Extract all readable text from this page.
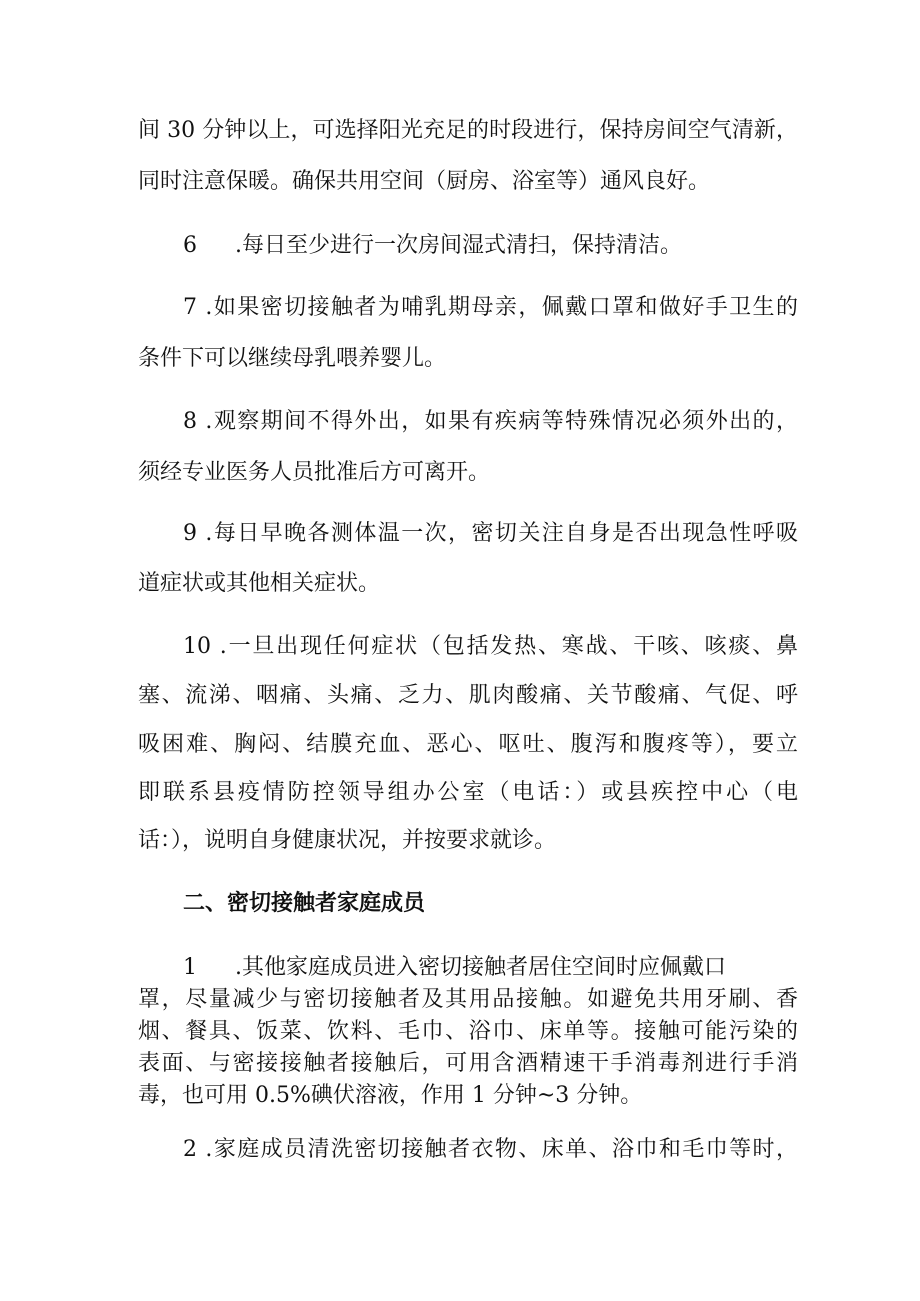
间 30 分钟以上，可选择阳光充足的时段进行，保持房间空气清新，
同时注意保暖。确保共用空间（厨房、浴室等）通风良好。
6 .每日至少进行一次房间湿式清扫，保持清洁。
7 .如果密切接触者为哺乳期母亲，佩戴口罩和做好手卫生的
条件下可以继续母乳喂养婴儿。
8 .观察期间不得外出，如果有疾病等特殊情况必须外出的，
须经专业医务人员批准后方可离开。
9 .每日早晚各测体温一次，密切关注自身是否出现急性呼吸
道症状或其他相关症状。
10 .一旦出现任何症状（包括发热、寒战、干咳、咳痰、鼻
塞、流涕、咽痛、头痛、乏力、肌肉酸痛、关节酸痛、气促、呼
吸困难、胸闷、结膜充血、恶心、呕吐、腹泻和腹疼等），要立
即联系县疫情防控领导组办公室（电话：）或县疾控中心（电
话：），说明自身健康状况，并按要求就诊。
二、密切接触者家庭成员
1 .其他家庭成员进入密切接触者居住空间时应佩戴口
罩，尽量减少与密切接触者及其用品接触。如避免共用牙刷、香
烟、餐具、饭菜、饮料、毛巾、浴巾、床单等。接触可能污染的
表面、与密接接触者接触后，可用含酒精速干手消毒剂进行手消
毒，也可用 0.5%碘伏溶液，作用 1 分钟~3 分钟。
2 .家庭成员清洗密切接触者衣物、床单、浴巾和毛巾等时，
